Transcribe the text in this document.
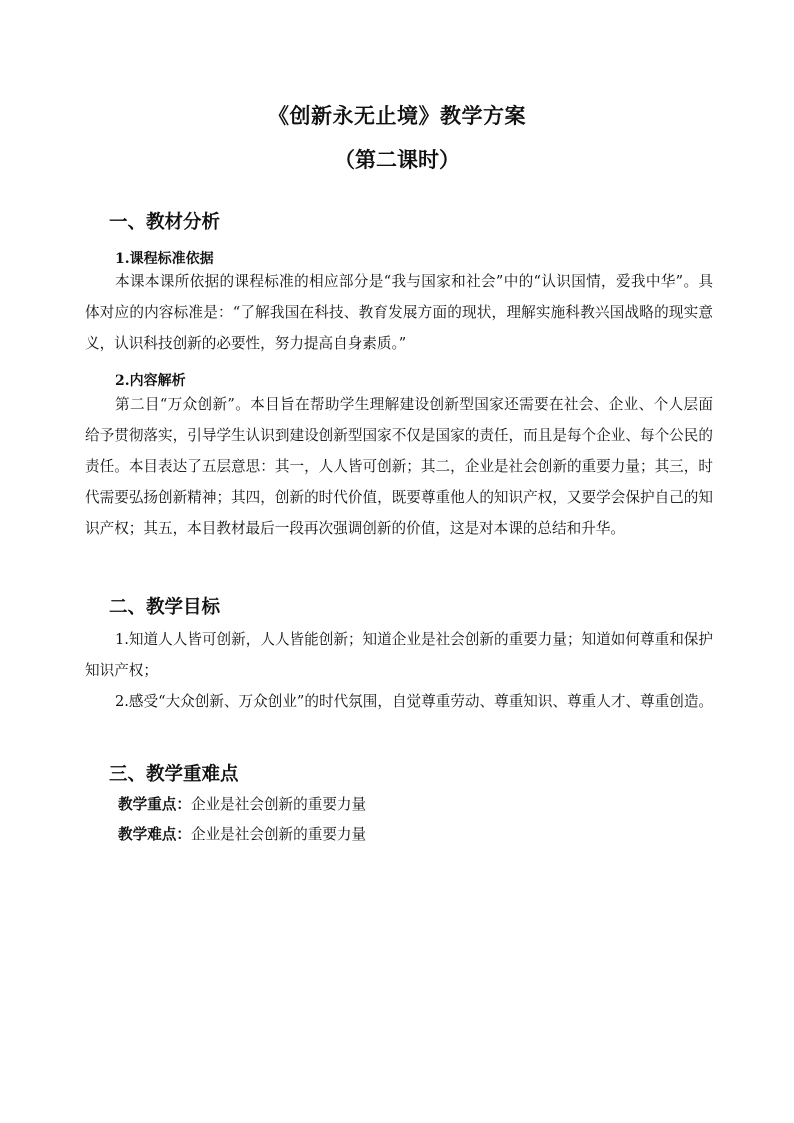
《创新永无止境》教学方案
（第二课时）
一、教材分析
1.课程标准依据
本课本课所依据的课程标准的相应部分是“我与国家和社会”中的“认识国情，爱我中华”。具体对应的内容标准是：“了解我国在科技、教育发展方面的现状，理解实施科教兴国战略的现实意义，认识科技创新的必要性，努力提高自身素质。”
2.内容解析
第二目“万众创新”。本目旨在帮助学生理解建设创新型国家还需要在社会、企业、个人层面给予贯彻落实，引导学生认识到建设创新型国家不仅是国家的责任，而且是每个企业、每个公民的责任。本目表达了五层意思：其一，人人皆可创新；其二，企业是社会创新的重要力量；其三，时代需要弘扬创新精神；其四，创新的时代价值，既要尊重他人的知识产权，又要学会保护自己的知识产权；其五，本目教材最后一段再次强调创新的价值，这是对本课的总结和升华。
二、教学目标
1.知道人人皆可创新，人人皆能创新；知道企业是社会创新的重要力量；知道如何尊重和保护知识产权；
2.感受“大众创新、万众创业”的时代氛围，自觉尊重劳动、尊重知识、尊重人才、尊重创造。
三、教学重难点
教学重点：企业是社会创新的重要力量
教学难点：企业是社会创新的重要力量
